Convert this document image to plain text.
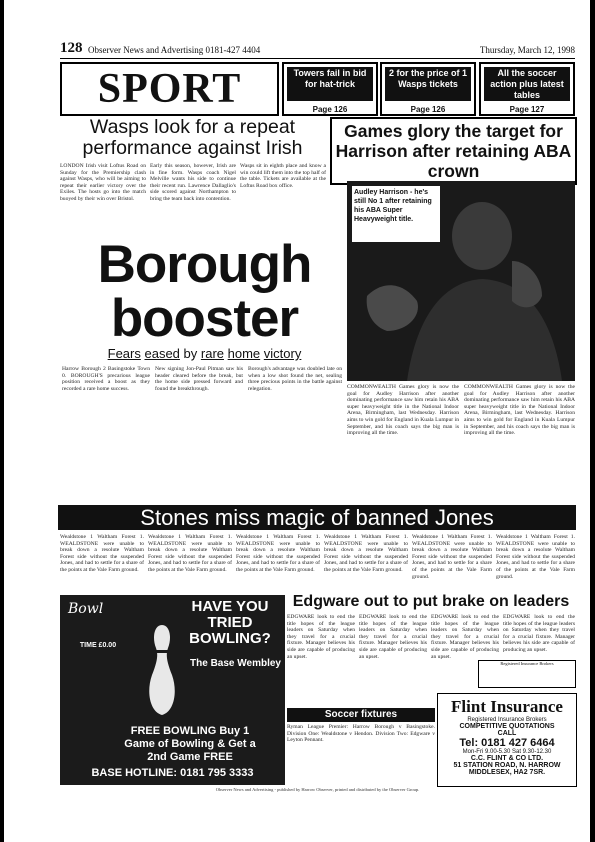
128 Observer News and Advertising 0181-427 4404	Thursday, March 12, 1998
SPORT	Towers fail in bid for hat-trick
Page 126
2 for the price of 1 Wasps tickets
Page 126
All the soccer action plus latest tables
Page 127
Wasps look for a repeat performance against Irish
LONDON Irish visit Loftus Road on Sunday for the Premiership clash against Wasps, who will be aiming to repeat their earlier victory over the Exiles. The hosts go into the match buoyed by their win over Bristol.
Early this season, however, Irish are in fine form. Wasps coach Nigel Melville wants his side to continue their recent run. Lawrence Dallaglio's side scored against Northampton to bring the team back into contention.
Wasps sit in eighth place and know a win could lift them into the top half of the table. Tickets are available at the Loftus Road box office.
Games glory the target for Harrison after retaining ABA crown
Audley Harrison - he's still No 1 after retaining his ABA Super Heavyweight title.
COMMONWEALTH Games glory is now the goal for Audley Harrison after another dominating performance saw him retain his ABA super heavyweight title in the National Indoor Arena, Birmingham, last Wednesday. Harrison aims to win gold for England in Kuala Lumpur in September, and his coach says the big man is improving all the time.
COMMONWEALTH Games glory is now the goal for Audley Harrison after another dominating performance saw him retain his ABA super heavyweight title in the National Indoor Arena, Birmingham, last Wednesday. Harrison aims to win gold for England in Kuala Lumpur in September, and his coach says the big man is improving all the time.
Borough booster
Fears eased by rare home victory
Harrow Borough 2 Basingstoke Town 0. BOROUGH'S precarious league position received a boost as they recorded a rare home success.
New signing Jon-Paul Pitman saw his header cleared before the break, but the home side pressed forward and found the breakthrough.
Borough's advantage was doubled late on when a low shot found the net, sealing three precious points in the battle against relegation.
Stones miss magic of banned Jones
Wealdstone 1 Waltham Forest 1. WEALDSTONE were unable to break down a resolute Waltham Forest side without the suspended Jones, and had to settle for a share of the points at the Vale Farm ground.
Wealdstone 1 Waltham Forest 1. WEALDSTONE were unable to break down a resolute Waltham Forest side without the suspended Jones, and had to settle for a share of the points at the Vale Farm ground.
Wealdstone 1 Waltham Forest 1. WEALDSTONE were unable to break down a resolute Waltham Forest side without the suspended Jones, and had to settle for a share of the points at the Vale Farm ground.
Wealdstone 1 Waltham Forest 1. WEALDSTONE were unable to break down a resolute Waltham Forest side without the suspended Jones, and had to settle for a share of the points at the Vale Farm ground.
Wealdstone 1 Waltham Forest 1. WEALDSTONE were unable to break down a resolute Waltham Forest side without the suspended Jones, and had to settle for a share of the points at the Vale Farm ground.
Wealdstone 1 Waltham Forest 1. WEALDSTONE were unable to break down a resolute Waltham Forest side without the suspended Jones, and had to settle for a share of the points at the Vale Farm ground.
Bowl	HAVE YOU TRIED BOWLING?
The Base Wembley
TIME £0.00
FREE BOWLING Buy 1 Game of Bowling & Get a 2nd Game FREE
BASE HOTLINE: 0181 795 3333
Edgware out to put brake on leaders
EDGWARE look to end the title hopes of the league leaders on Saturday when they travel for a crucial fixture. Manager believes his side are capable of producing an upset.
EDGWARE look to end the title hopes of the league leaders on Saturday when they travel for a crucial fixture. Manager believes his side are capable of producing an upset.
EDGWARE look to end the title hopes of the league leaders on Saturday when they travel for a crucial fixture. Manager believes his side are capable of producing an upset.
EDGWARE look to end the title hopes of the league leaders on Saturday when they travel for a crucial fixture. Manager believes his side are capable of producing an upset.
Registered Insurance Brokers
Soccer fixtures
Ryman League Premier: Harrow Borough v Basingstoke. Division One: Wealdstone v Hendon. Division Two: Edgware v Leyton Pennant.
Flint Insurance
Registered Insurance Brokers
COMPETITIVE QUOTATIONS
CALL
Tel: 0181 427 6464
Mon-Fri 9.00-5.30 Sat 9.30-12.30
C.C. FLINT & CO LTD.
51 STATION ROAD, N. HARROW MIDDLESEX, HA2 7SR.
Observer News and Advertising - published by Harrow Observer, printed and distributed by the Observer Group.
